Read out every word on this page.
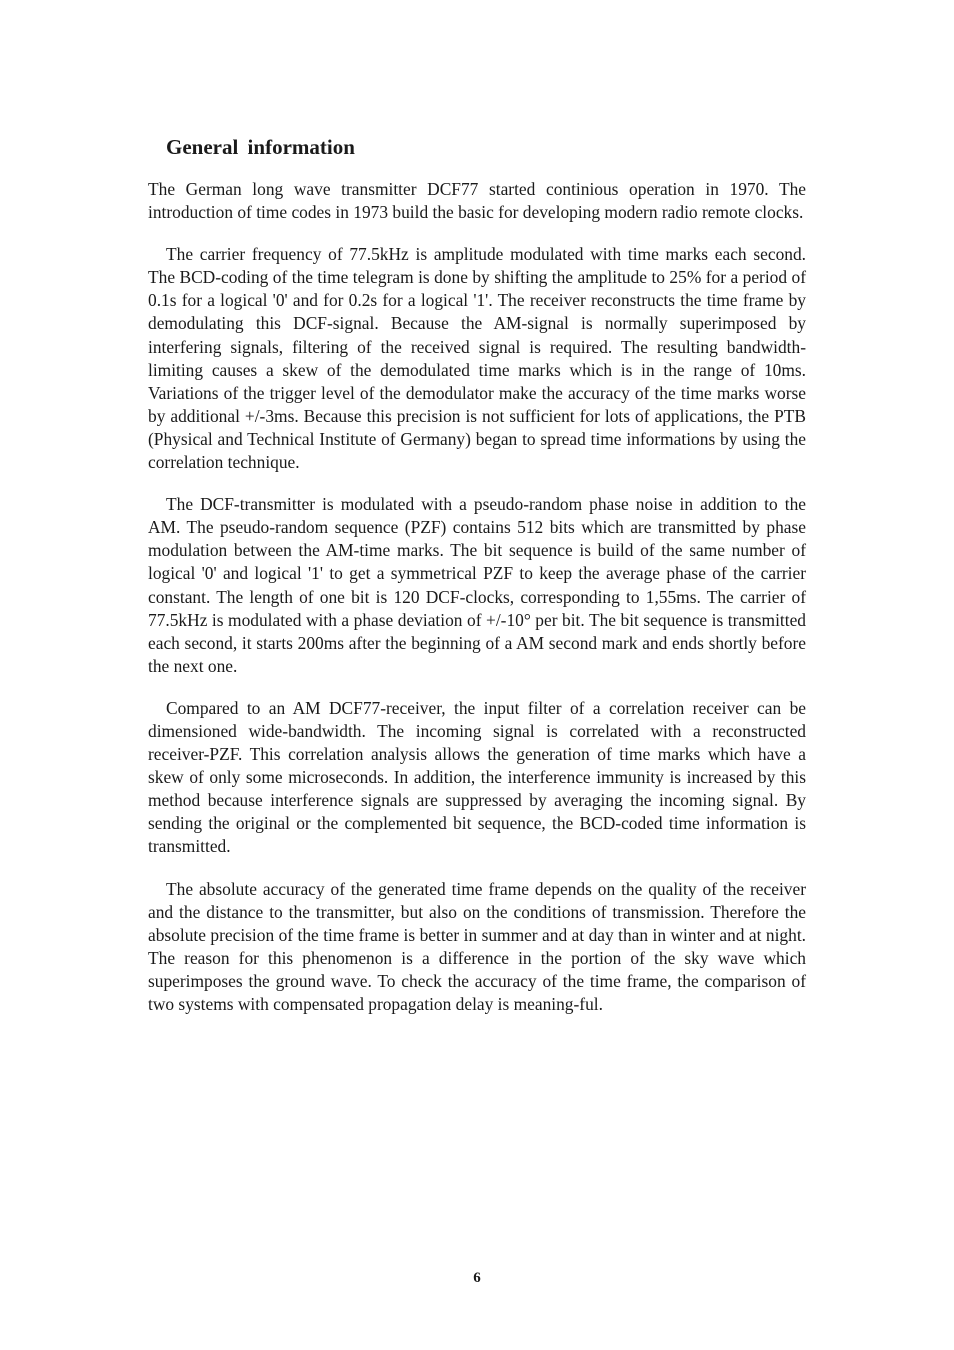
General information

The German long wave transmitter DCF77 started continious operation in 1970. The introduction of time codes in 1973 build the basic for developing modern radio remote clocks.

The carrier frequency of 77.5kHz is amplitude modulated with time marks each second. The BCD-coding of the time telegram is done by shifting the amplitude to 25% for a period of 0.1s for a logical '0' and for 0.2s for a logical '1'. The receiver reconstructs the time frame by demodulating this DCF-signal. Because the AM-signal is normally superimposed by interfering signals, filtering of the received signal is required. The resulting bandwidth-limiting causes a skew of the demodulated time marks which is in the range of 10ms. Variations of the trigger level of the demodulator make the accuracy of the time marks worse by additional +/-3ms. Because this precision is not sufficient for lots of applications, the PTB (Physical and Technical Institute of Germany) began to spread time informations by using the correlation technique.

The DCF-transmitter is modulated with a pseudo-random phase noise in addition to the AM. The pseudo-random sequence (PZF) contains 512 bits which are transmitted by phase modulation between the AM-time marks. The bit sequence is build of the same number of logical '0' and logical '1' to get a symmetrical PZF to keep the average phase of the carrier constant. The length of one bit is 120 DCF-clocks, corresponding to 1,55ms. The carrier of 77.5kHz is modulated with a phase deviation of +/-10° per bit. The bit sequence is transmitted each second, it starts 200ms after the beginning of a AM second mark and ends shortly before the next one.

Compared to an AM DCF77-receiver, the input filter of a correlation receiver can be dimensioned wide-bandwidth. The incoming signal is correlated with a reconstructed receiver-PZF. This correlation analysis allows the generation of time marks which have a skew of only some microseconds. In addition, the interference immunity is increased by this method because interference signals are suppressed by averaging the incoming signal. By sending the original or the complemented bit sequence, the BCD-coded time information is transmitted.

The absolute accuracy of the generated time frame depends on the quality of the receiver and the distance to the transmitter, but also on the conditions of transmission. Therefore the absolute precision of the time frame is better in summer and at day than in winter and at night. The reason for this phenomenon is a difference in the portion of the sky wave which superimposes the ground wave. To check the accuracy of the time frame, the comparison of two systems with compensated propagation delay is meaning-ful.

6
